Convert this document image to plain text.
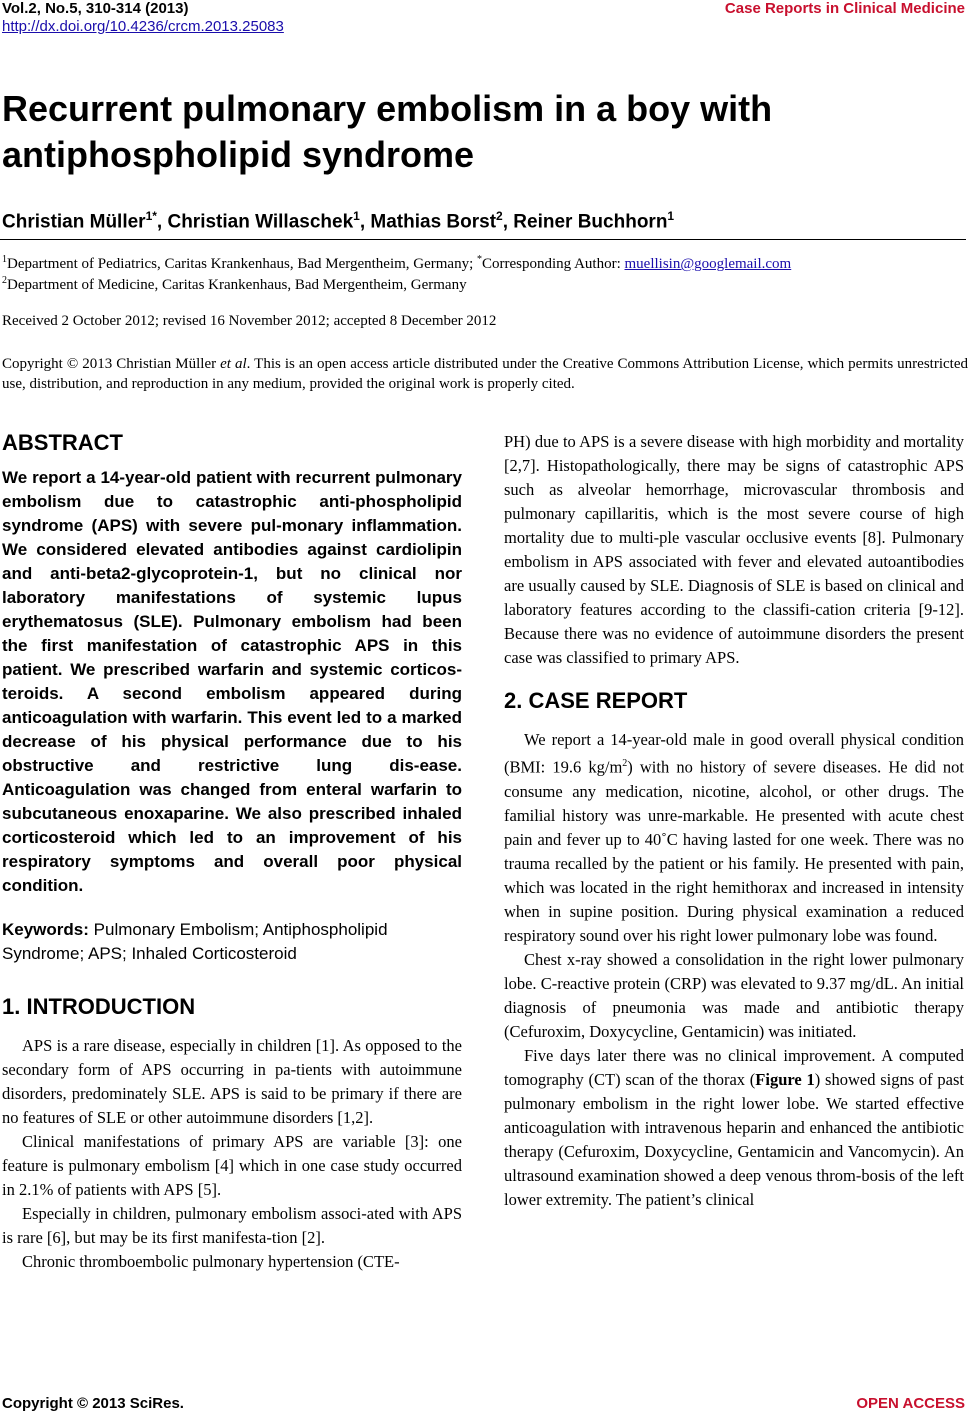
Vol.2, No.5, 310-314 (2013)
http://dx.doi.org/10.4236/crcm.2013.25083
Case Reports in Clinical Medicine
Recurrent pulmonary embolism in a boy with antiphospholipid syndrome
Christian Müller$^{1*}$, Christian Willaschek$^1$, Mathias Borst$^2$, Reiner Buchhorn$^1$
$^1$Department of Pediatrics, Caritas Krankenhaus, Bad Mergentheim, Germany; *Corresponding Author: muellisin@googlemail.com
$^2$Department of Medicine, Caritas Krankenhaus, Bad Mergentheim, Germany
Received 2 October 2012; revised 16 November 2012; accepted 8 December 2012
Copyright © 2013 Christian Müller et al. This is an open access article distributed under the Creative Commons Attribution License, which permits unrestricted use, distribution, and reproduction in any medium, provided the original work is properly cited.
ABSTRACT

We report a 14-year-old patient with recurrent pulmonary embolism due to catastrophic anti-phospholipid syndrome (APS) with severe pul-monary inflammation. We considered elevated antibodies against cardiolipin and anti-beta2-glycoprotein-1, but no clinical nor laboratory manifestations of systemic lupus erythematosus (SLE). Pulmonary embolism had been the first manifestation of catastrophic APS in this patient. We prescribed warfarin and systemic corticos-teroids. A second embolism appeared during anticoagulation with warfarin. This event led to a marked decrease of his physical performance due to his obstructive and restrictive lung dis-ease. Anticoagulation was changed from enteral warfarin to subcutaneous enoxaparine. We also prescribed inhaled corticosteroid which led to an improvement of his respiratory symptoms and overall poor physical condition.

Keywords: Pulmonary Embolism; Antiphospholipid Syndrome; APS; Inhaled Corticosteroid

1. INTRODUCTION

APS is a rare disease, especially in children [1]. As opposed to the secondary form of APS occurring in pa-tients with autoimmune disorders, predominately SLE. APS is said to be primary if there are no features of SLE or other autoimmune disorders [1,2].

Clinical manifestations of primary APS are variable [3]: one feature is pulmonary embolism [4] which in one case study occurred in 2.1% of patients with APS [5].

Especially in children, pulmonary embolism associ-ated with APS is rare [6], but may be its first manifesta-tion [2].

Chronic thromboembolic pulmonary hypertension (CTE-

PH) due to APS is a severe disease with high morbidity and mortality [2,7]. Histopathologically, there may be signs of catastrophic APS such as alveolar hemorrhage, microvascular thrombosis and pulmonary capillaritis, which is the most severe course of high mortality due to multi-ple vascular occlusive events [8]. Pulmonary embolism in APS associated with fever and elevated autoantibodies are usually caused by SLE. Diagnosis of SLE is based on clinical and laboratory features according to the classifi-cation criteria [9-12]. Because there was no evidence of autoimmune disorders the present case was classified to primary APS.

2. CASE REPORT

We report a 14-year-old male in good overall physical condition (BMI: 19.6 $kg/m^2$) with no history of severe diseases. He did not consume any medication, nicotine, alcohol, or other drugs. The familial history was unre-markable. He presented with acute chest pain and fever up to 40˚C having lasted for one week. There was no trauma recalled by the patient or his family. He presented with pain, which was located in the right hemithorax and increased in intensity when in supine position. During physical examination a reduced respiratory sound over his right lower pulmonary lobe was found.

Chest x-ray showed a consolidation in the right lower pulmonary lobe. C-reactive protein (CRP) was elevated to 9.37 mg/dL. An initial diagnosis of pneumonia was made and antibiotic therapy (Cefuroxim, Doxycycline, Gentamicin) was initiated.

Five days later there was no clinical improvement. A computed tomography (CT) scan of the thorax (Figure 1) showed signs of past pulmonary embolism in the right lower lobe. We started effective anticoagulation with intravenous heparin and enhanced the antibiotic therapy (Cefuroxim, Doxycycline, Gentamicin and Vancomycin). An ultrasound examination showed a deep venous throm-bosis of the left lower extremity. The patient’s clinical

Copyright © 2013 SciRes.	OPEN ACCESS
